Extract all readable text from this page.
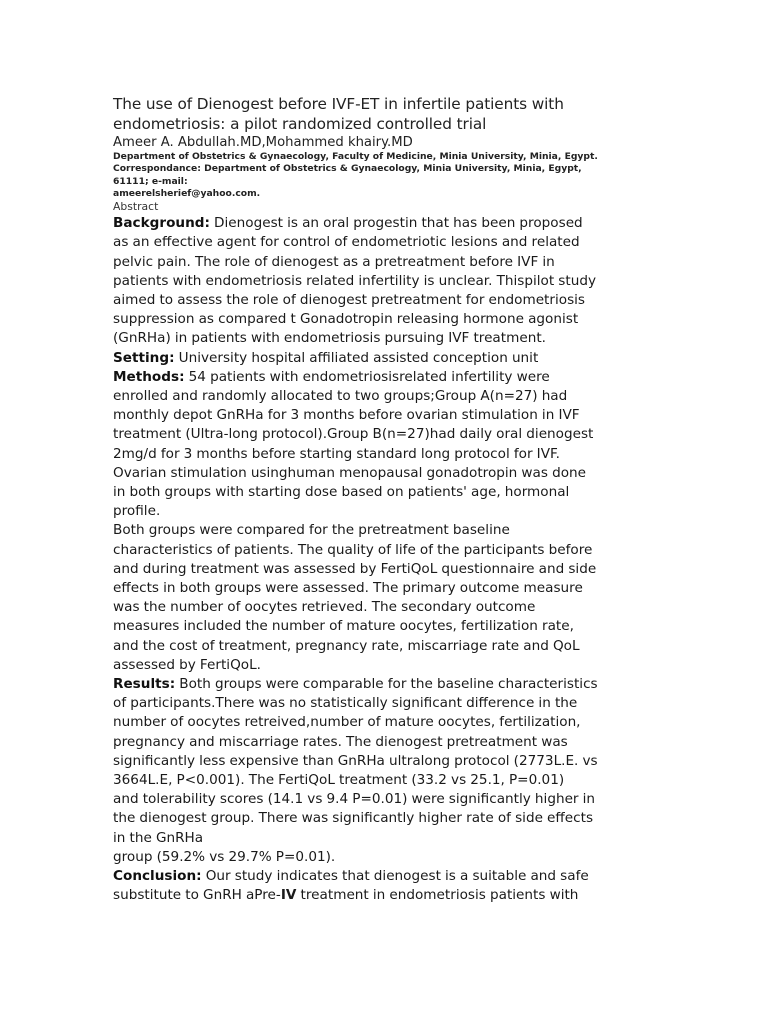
The use of Dienogest before IVF-ET in infertile patients with
endometriosis: a pilot randomized controlled trial

Ameer A. Abdullah.MD,Mohammed khairy.MD

Department of Obstetrics & Gynaecology, Faculty of Medicine, Minia University, Minia, Egypt.
Correspondance: Department of Obstetrics & Gynaecology, Minia University, Minia, Egypt,
61111; e-mail:
ameerelsherief@yahoo.com.

Abstract

Background: Dienogest is an oral progestin that has been proposed
as an effective agent for control of endometriotic lesions and related
pelvic pain. The role of dienogest as a pretreatment before IVF in
patients with endometriosis related infertility is unclear. Thispilot study
aimed to assess the role of dienogest pretreatment for endometriosis
suppression as compared t Gonadotropin releasing hormone agonist
(GnRHa) in patients with endometriosis pursuing IVF treatment.

Setting: University hospital affiliated assisted conception unit

Methods: 54 patients with endometriosisrelated infertility were
enrolled and randomly allocated to two groups;Group A(n=27) had
monthly depot GnRHa for 3 months before ovarian stimulation in IVF
treatment (Ultra-long protocol).Group B(n=27)had daily oral dienogest
2mg/d for 3 months before starting standard long protocol for IVF.
Ovarian stimulation usinghuman menopausal gonadotropin was done
in both groups with starting dose based on patients' age, hormonal
profile.
Both groups were compared for the pretreatment baseline
characteristics of patients. The quality of life of the participants before
and during treatment was assessed by FertiQoL questionnaire and side
effects in both groups were assessed. The primary outcome measure
was the number of oocytes retrieved. The secondary outcome
measures included the number of mature oocytes, fertilization rate,
and the cost of treatment, pregnancy rate, miscarriage rate and QoL
assessed by FertiQoL.

Results: Both groups were comparable for the baseline characteristics
of participants.There was no statistically significant difference in the
number of oocytes retreived,number of mature oocytes, fertilization,
pregnancy and miscarriage rates. The dienogest pretreatment was
significantly less expensive than GnRHa ultralong protocol (2773L.E. vs
3664L.E, P<0.001). The FertiQoL treatment (33.2 vs 25.1, P=0.01)
and tolerability scores (14.1 vs 9.4 P=0.01) were significantly higher in
the dienogest group. There was significantly higher rate of side effects
in the GnRHa
group (59.2% vs 29.7% P=0.01).

Conclusion: Our study indicates that dienogest is a suitable and safe
substitute to GnRH aPre-IV treatment in endometriosis patients with
